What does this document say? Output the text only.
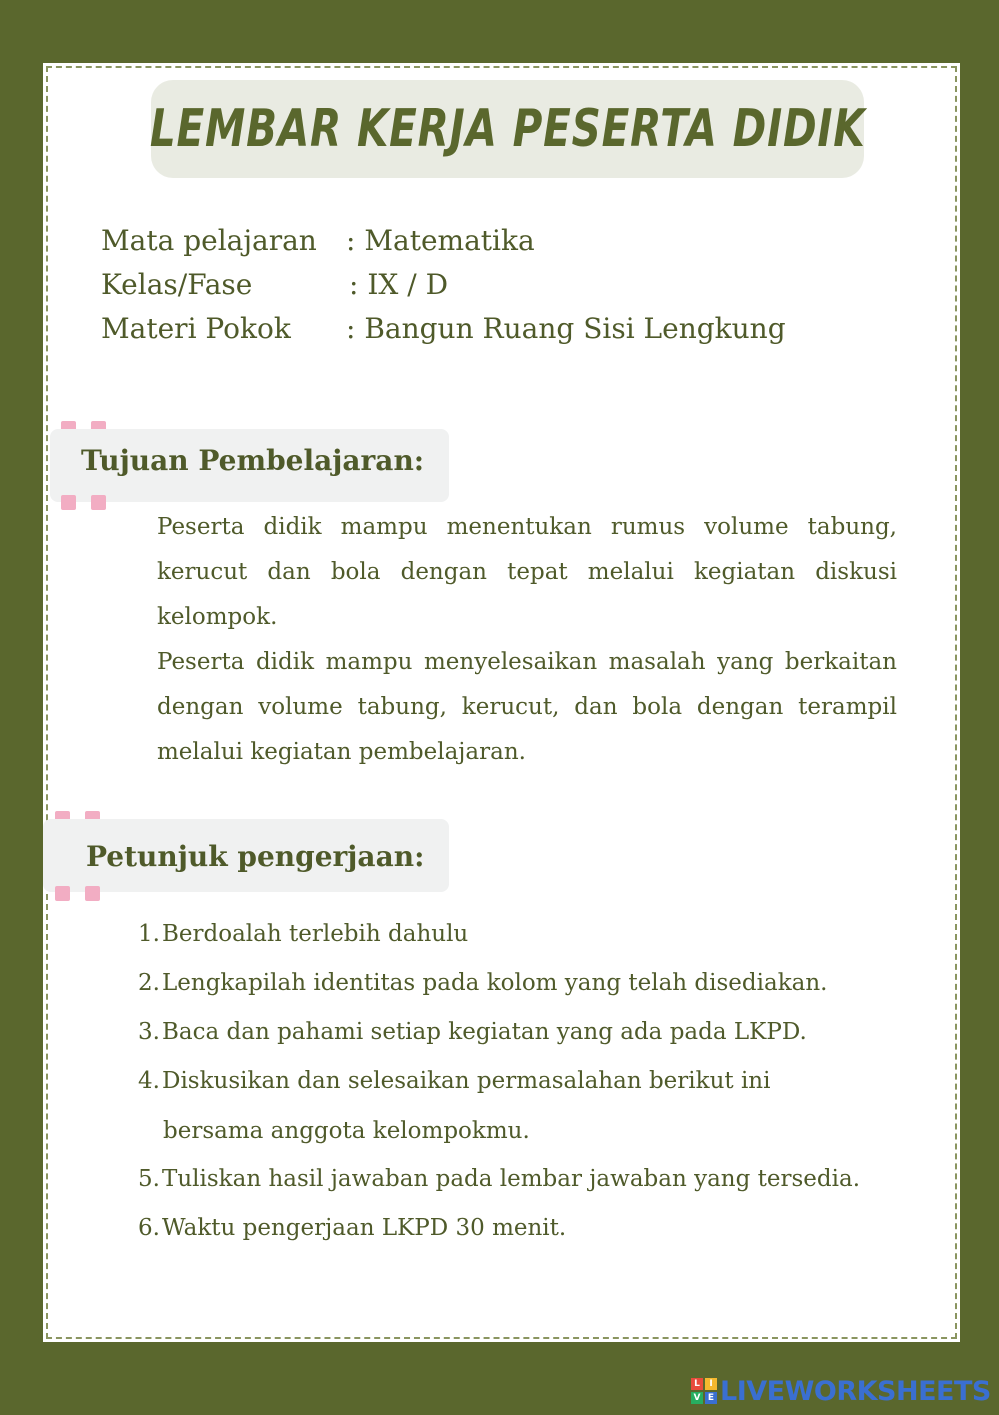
LEMBAR KERJA PESERTA DIDIK
Mata pelajaran : Matematika
Kelas/Fase	: IX / D
Materi Pokok : Bangun Ruang Sisi Lengkung
Tujuan Pembelajaran:

Peserta didik mampu menentukan rumus volume tabung, kerucut dan bola dengan tepat melalui kegiatan diskusi kelompok.

Peserta didik mampu menyelesaikan masalah yang berkaitan dengan volume tabung, kerucut, dan bola dengan terampil melalui kegiatan pembelajaran.

Petunjuk pengerjaan:
1. Berdoalah terlebih dahulu
2. Lengkapilah identitas pada kolom yang telah disediakan.
3. Baca dan pahami setiap kegiatan yang ada pada LKPD.
4. Diskusikan dan selesaikan permasalahan berikut ini
bersama anggota kelompokmu.
5. Tuliskan hasil jawaban pada lembar jawaban yang tersedia.
6. Waktu pengerjaan LKPD 30 menit.
L	I
V E LIVEWORKSHEETS
